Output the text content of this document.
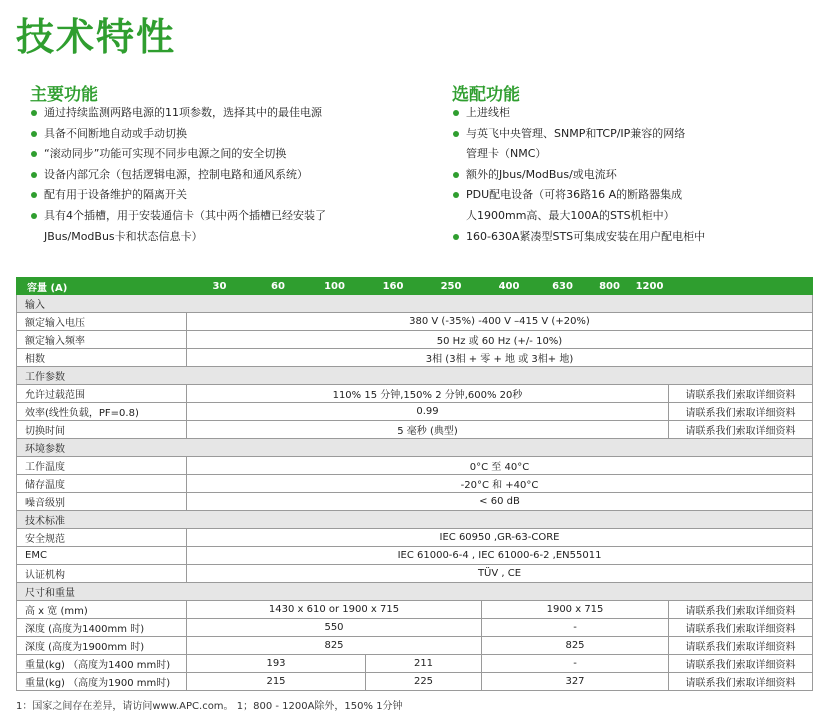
技术特性
主要功能
通过持续监测两路电源的11项参数，选择其中的最佳电源
具备不间断地自动或手动切换
“滚动同步”功能可实现不同步电源之间的安全切换
设备内部冗余（包括逻辑电源，控制电路和通风系统）
配有用于设备维护的隔离开关
具有4个插槽，用于安装通信卡（其中两个插槽已经安装了
JBus/ModBus卡和状态信息卡）
选配功能
上进线柜
与英飞中央管理、SNMP和TCP/IP兼容的网络
管理卡（NMC）
额外的Jbus/ModBus/或电流环
PDU配电设备（可将36路16 A的断路器集成
人1900mm高、最大100A的STS机柜中）
160-630A紧凑型STS可集成安装在用户配电柜中
容量 (A)	30	60	100	160	250	400	630	800	1200	
输入										
额定输入电压	380 V (-35%) -400 V –415 V (+20%)									
额定输入频率	50 Hz 或 60 Hz (+/- 10%)									
相数	3相 (3相 + 零 + 地 或 3相+ 地)									
工作参数										
允许过载范围	110% 15 分钟,150% 2 分钟,600% 20秒									请联系我们索取详细资料
效率(线性负载，PF=0.8)	0.99									请联系我们索取详细资料
切换时间	5 毫秒 (典型)									请联系我们索取详细资料
环境参数										
工作温度	0°C 至 40°C									
储存温度	-20°C 和 +40°C									
噪音级别	< 60 dB									
技术标准										
安全规范	IEC 60950 ,GR-63-CORE									
EMC	IEC 61000-6-4 , IEC 61000-6-2 ,EN55011									
认证机构	TÜV , CE									
尺寸和重量										
高 x 宽 (mm)	1430 x 610 or 1900 x 715					1900 x 715				请联系我们索取详细资料
深度 (高度为1400mm 时)	550					-				请联系我们索取详细资料
深度 (高度为1900mm 时)	825					825				请联系我们索取详细资料
重量(kg) （高度为1400 mm时)	193			211		-				请联系我们索取详细资料
重量(kg) （高度为1900 mm时)	215			225		327				请联系我们索取详细资料

1：国家之间存在差异，请访问www.APC.com。 1；800 - 1200A除外，150% 1分钟
